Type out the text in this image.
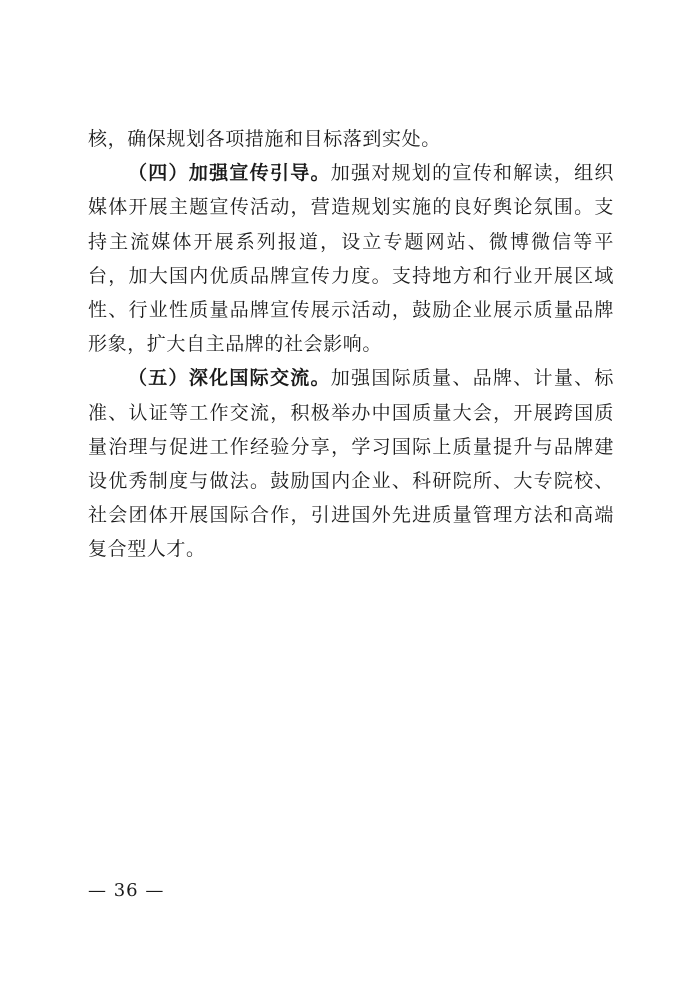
核，确保规划各项措施和目标落到实处。

（四）加强宣传引导。加强对规划的宣传和解读，组织媒体开展主题宣传活动，营造规划实施的良好舆论氛围。支持主流媒体开展系列报道，设立专题网站、微博微信等平台，加大国内优质品牌宣传力度。支持地方和行业开展区域性、行业性质量品牌宣传展示活动，鼓励企业展示质量品牌形象，扩大自主品牌的社会影响。

（五）深化国际交流。加强国际质量、品牌、计量、标准、认证等工作交流，积极举办中国质量大会，开展跨国质量治理与促进工作经验分享，学习国际上质量提升与品牌建设优秀制度与做法。鼓励国内企业、科研院所、大专院校、社会团体开展国际合作，引进国外先进质量管理方法和高端复合型人才。

— 36 —
